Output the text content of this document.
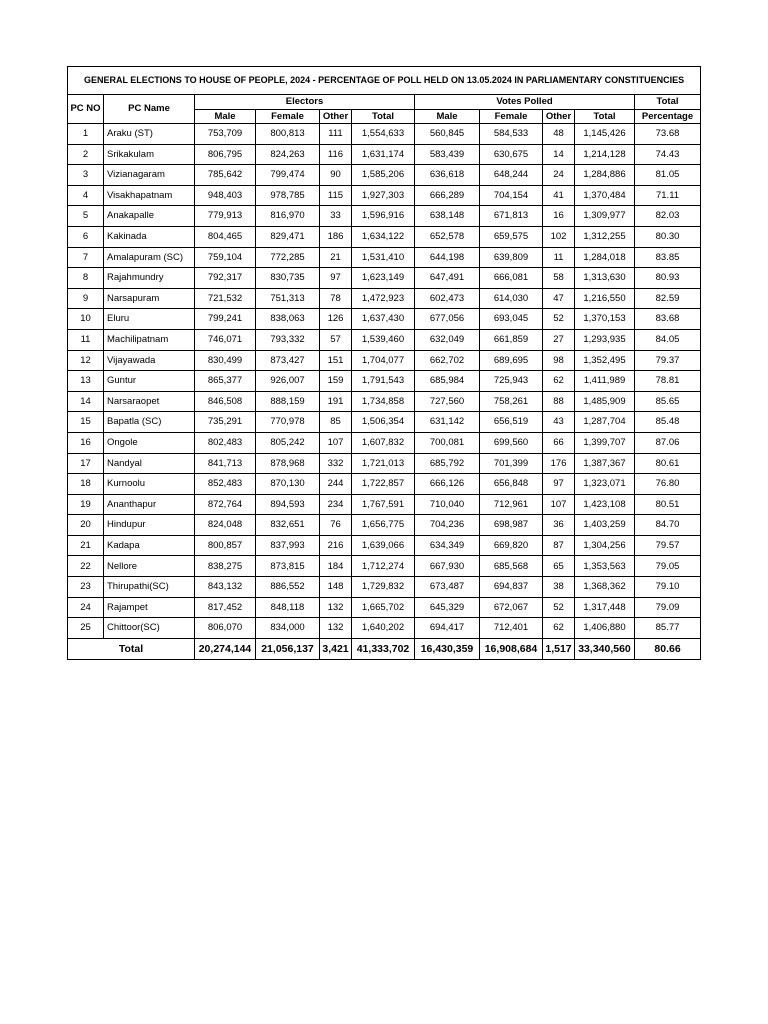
GENERAL ELECTIONS TO HOUSE OF PEOPLE, 2024 - PERCENTAGE OF POLL HELD ON 13.05.2024 IN PARLIAMENTARY CONSTITUENCIES										
PC NO	PC Name	Electors				Votes Polled				Total
		Male	Female	Other	Total	Male	Female	Other	Total	Percentage
1	Araku (ST)	753,709	800,813	111	1,554,633	560,845	584,533	48	1,145,426	73.68
2	Srikakulam	806,795	824,263	116	1,631,174	583,439	630,675	14	1,214,128	74.43
3	Vizianagaram	785,642	799,474	90	1,585,206	636,618	648,244	24	1,284,886	81.05
4	Visakhapatnam	948,403	978,785	115	1,927,303	666,289	704,154	41	1,370,484	71.11
5	Anakapalle	779,913	816,970	33	1,596,916	638,148	671,813	16	1,309,977	82.03
6	Kakinada	804,465	829,471	186	1,634,122	652,578	659,575	102	1,312,255	80.30
7	Amalapuram (SC)	759,104	772,285	21	1,531,410	644,198	639,809	11	1,284,018	83.85
8	Rajahmundry	792,317	830,735	97	1,623,149	647,491	666,081	58	1,313,630	80.93
9	Narsapuram	721,532	751,313	78	1,472,923	602,473	614,030	47	1,216,550	82.59
10	Eluru	799,241	838,063	126	1,637,430	677,056	693,045	52	1,370,153	83.68
11	Machilipatnam	746,071	793,332	57	1,539,460	632,049	661,859	27	1,293,935	84.05
12	Vijayawada	830,499	873,427	151	1,704,077	662,702	689,695	98	1,352,495	79.37
13	Guntur	865,377	926,007	159	1,791,543	685,984	725,943	62	1,411,989	78.81
14	Narsaraopet	846,508	888,159	191	1,734,858	727,560	758,261	88	1,485,909	85.65
15	Bapatla (SC)	735,291	770,978	85	1,506,354	631,142	656,519	43	1,287,704	85.48
16	Ongole	802,483	805,242	107	1,607,832	700,081	699,560	66	1,399,707	87.06
17	Nandyal	841,713	878,968	332	1,721,013	685,792	701,399	176	1,387,367	80.61
18	Kurnoolu	852,483	870,130	244	1,722,857	666,126	656,848	97	1,323,071	76.80
19	Ananthapur	872,764	894,593	234	1,767,591	710,040	712,961	107	1,423,108	80.51
20	Hindupur	824,048	832,651	76	1,656,775	704,236	698,987	36	1,403,259	84.70
21	Kadapa	800,857	837,993	216	1,639,066	634,349	669,820	87	1,304,256	79.57
22	Nellore	838,275	873,815	184	1,712,274	667,930	685,568	65	1,353,563	79.05
23	Thirupathi(SC)	843,132	886,552	148	1,729,832	673,487	694,837	38	1,368,362	79.10
24	Rajampet	817,452	848,118	132	1,665,702	645,329	672,067	52	1,317,448	79.09
25	Chittoor(SC)	806,070	834,000	132	1,640,202	694,417	712,401	62	1,406,880	85.77
Total		20,274,144	21,056,137	3,421	41,333,702	16,430,359	16,908,684	1,517	33,340,560	80.66
